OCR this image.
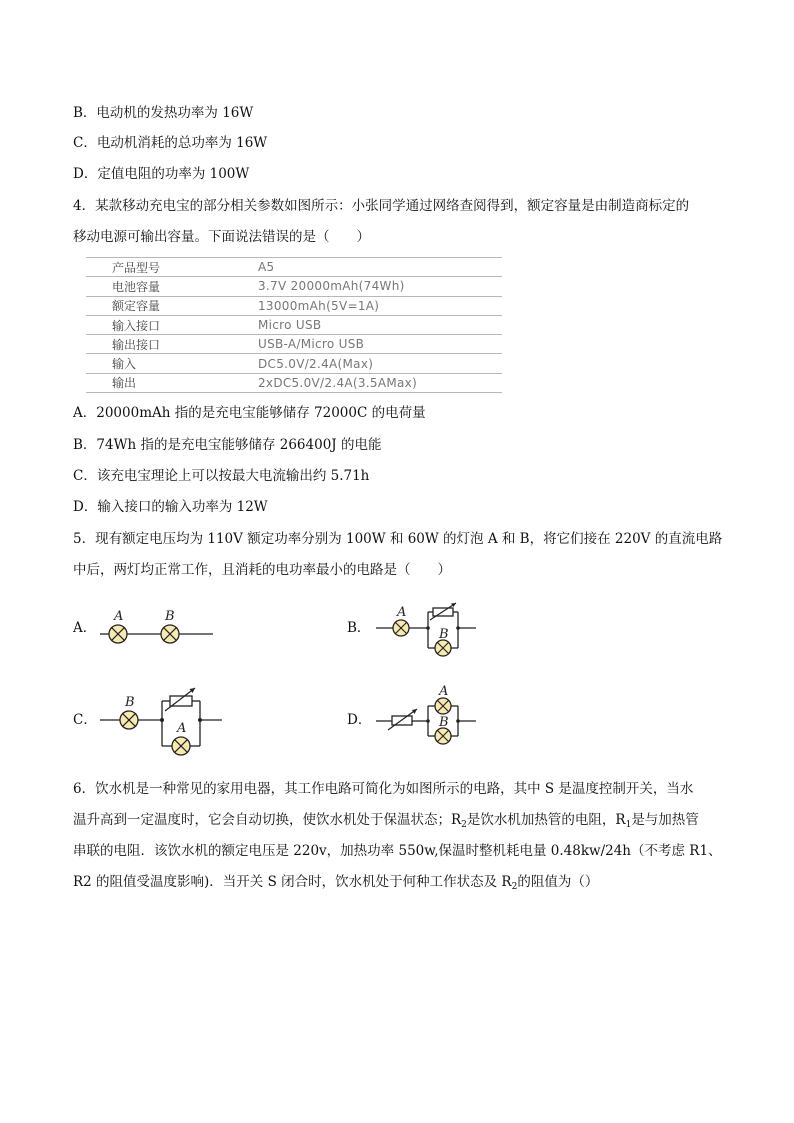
B．电动机的发热功率为 16W
C．电动机消耗的总功率为 16W
D．定值电阻的功率为 100W
4．某款移动充电宝的部分相关参数如图所示：小张同学通过网络查阅得到，额定容量是由制造商标定的
移动电源可输出容量。下面说法错误的是（　　）
产品型号	A5
电池容量	3.7V 20000mAh(74Wh)
额定容量	13000mAh(5V=1A)
输入接口	Micro USB
输出接口	USB-A/Micro USB
输入	DC5.0V/2.4A(Max)
输出	2xDC5.0V/2.4A(3.5AMax)
A．20000mAh 指的是充电宝能够储存 72000C 的电荷量
B．74Wh 指的是充电宝能够储存 266400J 的电能
C．该充电宝理论上可以按最大电流输出约 5.71h
D．输入接口的输入功率为 12W
5．现有额定电压均为 110V 额定功率分别为 100W 和 60W 的灯泡 A 和 B，将它们接在 220V 的直流电路
中后，两灯均正常工作，且消耗的电功率最小的电路是（　　）
A．
A	B
B．
A
B
C．
B
A
D．
A
B
6．饮水机是一种常见的家用电器，其工作电路可简化为如图所示的电路，其中 S 是温度控制开关，当水
温升高到一定温度时，它会自动切换，使饮水机处于保温状态；$R_2$是饮水机加热管的电阻，$R_1$是与加热管
串联的电阻．该饮水机的额定电压是 220v，加热功率 550w,保温时整机耗电量 0.48kw/24h（不考虑 R1、
R2 的阻值受温度影响)．当开关 S 闭合时，饮水机处于何种工作状态及 $R_2$的阻值为（）
